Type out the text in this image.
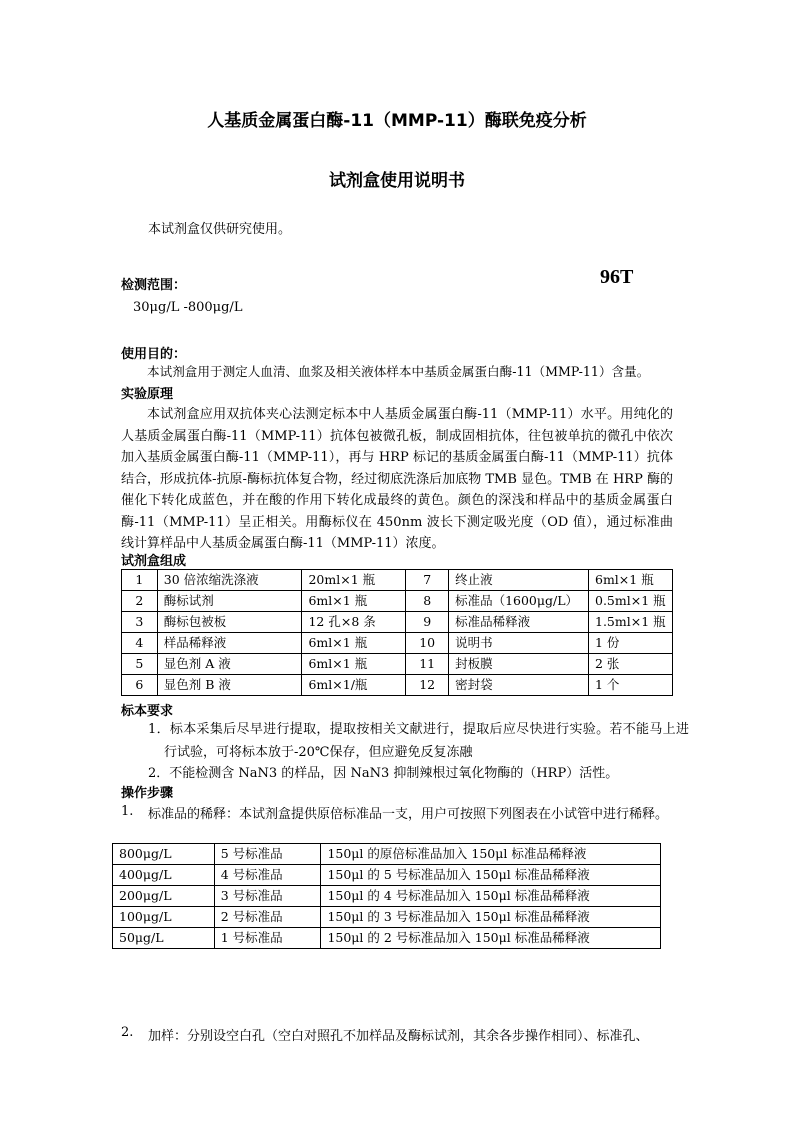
人基质金属蛋白酶-11（MMP-11）酶联免疫分析
试剂盒使用说明书
本试剂盒仅供研究使用。
检测范围：	96T
30μg/L -800μg/L
使用目的：
本试剂盒用于测定人血清、血浆及相关液体样本中基质金属蛋白酶-11（MMP-11）含量。
实验原理
本试剂盒应用双抗体夹心法测定标本中人基质金属蛋白酶-11（MMP-11）水平。用纯化的人基质金属蛋白酶-11（MMP-11）抗体包被微孔板，制成固相抗体，往包被单抗的微孔中依次加入基质金属蛋白酶-11（MMP-11），再与 HRP 标记的基质金属蛋白酶-11（MMP-11）抗体结合，形成抗体-抗原-酶标抗体复合物，经过彻底洗涤后加底物 TMB 显色。TMB 在 HRP 酶的催化下转化成蓝色，并在酸的作用下转化成最终的黄色。颜色的深浅和样品中的基质金属蛋白酶-11（MMP-11）呈正相关。用酶标仪在 450nm 波长下测定吸光度（OD 值），通过标准曲线计算样品中人基质金属蛋白酶-11（MMP-11）浓度。
试剂盒组成
1	30 倍浓缩洗涤液	20ml×1 瓶	7	终止液	6ml×1 瓶
2	酶标试剂	6ml×1 瓶	8	标准品（1600μg/L）	0.5ml×1 瓶
3	酶标包被板	12 孔×8 条	9	标准品稀释液	1.5ml×1 瓶
4	样品稀释液	6ml×1 瓶	10	说明书	1 份
5	显色剂 A 液	6ml×1 瓶	11	封板膜	2 张
6	显色剂 B 液	6ml×1/瓶	12	密封袋	1 个
标本要求
1．标本采集后尽早进行提取，提取按相关文献进行，提取后应尽快进行实验。若不能马上进行试验，可将标本放于-20℃保存，但应避免反复冻融
2．不能检测含 NaN3 的样品，因 NaN3 抑制辣根过氧化物酶的（HRP）活性。
操作步骤
1. 标准品的稀释：本试剂盒提供原倍标准品一支，用户可按照下列图表在小试管中进行稀释。
800μg/L	5 号标准品	150μl 的原倍标准品加入 150μl 标准品稀释液
400μg/L	4 号标准品	150μl 的 5 号标准品加入 150μl 标准品稀释液
200μg/L	3 号标准品	150μl 的 4 号标准品加入 150μl 标准品稀释液
100μg/L	2 号标准品	150μl 的 3 号标准品加入 150μl 标准品稀释液
50μg/L	1 号标准品	150μl 的 2 号标准品加入 150μl 标准品稀释液
2. 加样：分别设空白孔（空白对照孔不加样品及酶标试剂，其余各步操作相同）、标准孔、
